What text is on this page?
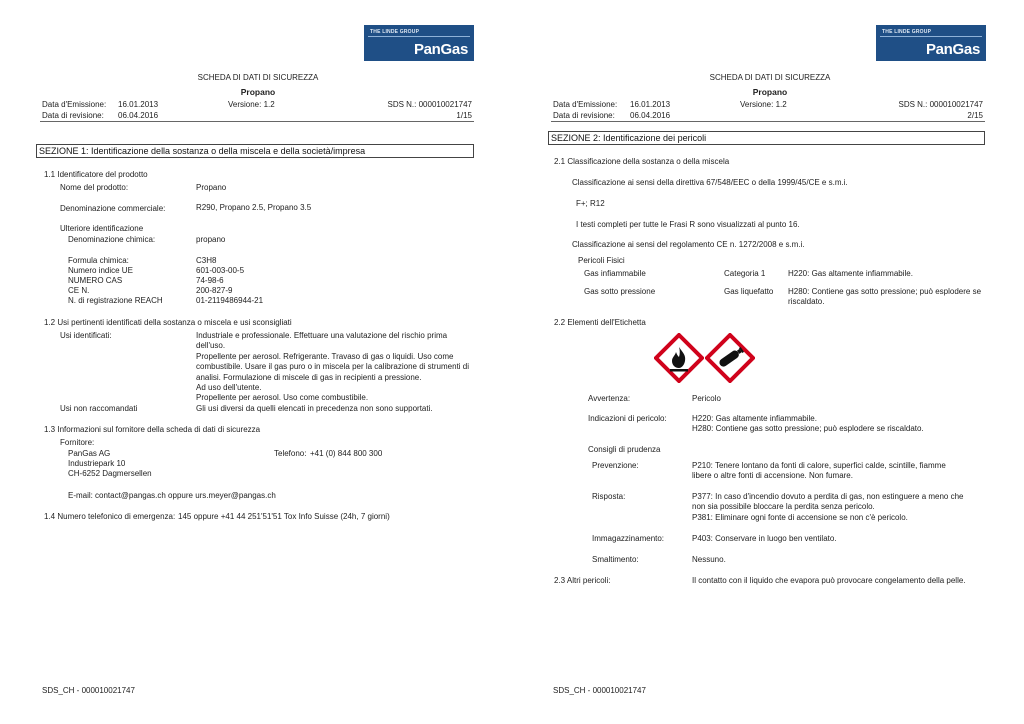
THE LINDE GROUP
PanGas
SCHEDA DI DATI DI SICUREZZA
Propano
Data d'Emissione: 16.01.2013	Versione: 1.2	SDS N.: 000010021747
Data di revisione: 06.04.2016	1/15
SEZIONE 1: Identificazione della sostanza o della miscela e della società/impresa
1.1 Identificatore del prodotto
Nome del prodotto:	Propano
Denominazione commerciale:	R290, Propano 2.5, Propano 3.5
Ulteriore identificazione
Denominazione chimica:	propano
Formula chimica:	C3H8
Numero indice UE	601-003-00-5
NUMERO CAS	74-98-6
CE N.	200-827-9
N. di registrazione REACH	01-2119486944-21
1.2 Usi pertinenti identificati della sostanza o miscela e usi sconsigliati
Usi identificati:	Industriale e professionale. Effettuare una valutazione del rischio prima
dell'uso.
Propellente per aerosol. Refrigerante. Travaso di gas o liquidi. Uso come
combustibile. Usare il gas puro o in miscela per la calibrazione di strumenti di
analisi. Formulazione di miscele di gas in recipienti a pressione.
Ad uso dell'utente.
Propellente per aerosol. Uso come combustibile.
Usi non raccomandati	Gli usi diversi da quelli elencati in precedenza non sono supportati.
1.3 Informazioni sul fornitore della scheda di dati di sicurezza
Fornitore:
PanGas AG
Industriepark 10
CH-6252 Dagmersellen
Telefono: +41 (0) 844 800 300
E-mail: contact@pangas.ch oppure urs.meyer@pangas.ch
1.4 Numero telefonico di emergenza: 145 oppure +41 44 251'51'51 Tox Info Suisse (24h, 7 giorni)
SDS_CH - 000010021747
THE LINDE GROUP
PanGas
SCHEDA DI DATI DI SICUREZZA
Propano
Data d'Emissione: 16.01.2013	Versione: 1.2	SDS N.: 000010021747
Data di revisione: 06.04.2016	2/15
SEZIONE 2: Identificazione dei pericoli
2.1 Classificazione della sostanza o della miscela
Classificazione ai sensi della direttiva 67/548/EEC o della 1999/45/CE e s.m.i.
F+; R12
I testi completi per tutte le Frasi R sono visualizzati al punto 16.
Classificazione ai sensi del regolamento CE n. 1272/2008 e s.m.i.
Pericoli Fisici
Gas infiammabile	Categoria 1	H220: Gas altamente infiammabile.
Gas sotto pressione	Gas liquefatto H280: Contiene gas sotto pressione; può esplodere se
riscaldato.
2.2 Elementi dell'Etichetta
Avvertenza:	Pericolo
Indicazioni di pericolo:	H220: Gas altamente infiammabile.
H280: Contiene gas sotto pressione; può esplodere se riscaldato.
Consigli di prudenza
Prevenzione:	P210: Tenere lontano da fonti di calore, superfici calde, scintille, fiamme
libere o altre fonti di accensione. Non fumare.
Risposta:	P377: In caso d'incendio dovuto a perdita di gas, non estinguere a meno che
non sia possibile bloccare la perdita senza pericolo.
P381: Eliminare ogni fonte di accensione se non c'è pericolo.
Immagazzinamento:	P403: Conservare in luogo ben ventilato.
Smaltimento:	Nessuno.
2.3 Altri pericoli:	Il contatto con il liquido che evapora può provocare congelamento della pelle.
SDS_CH - 000010021747
